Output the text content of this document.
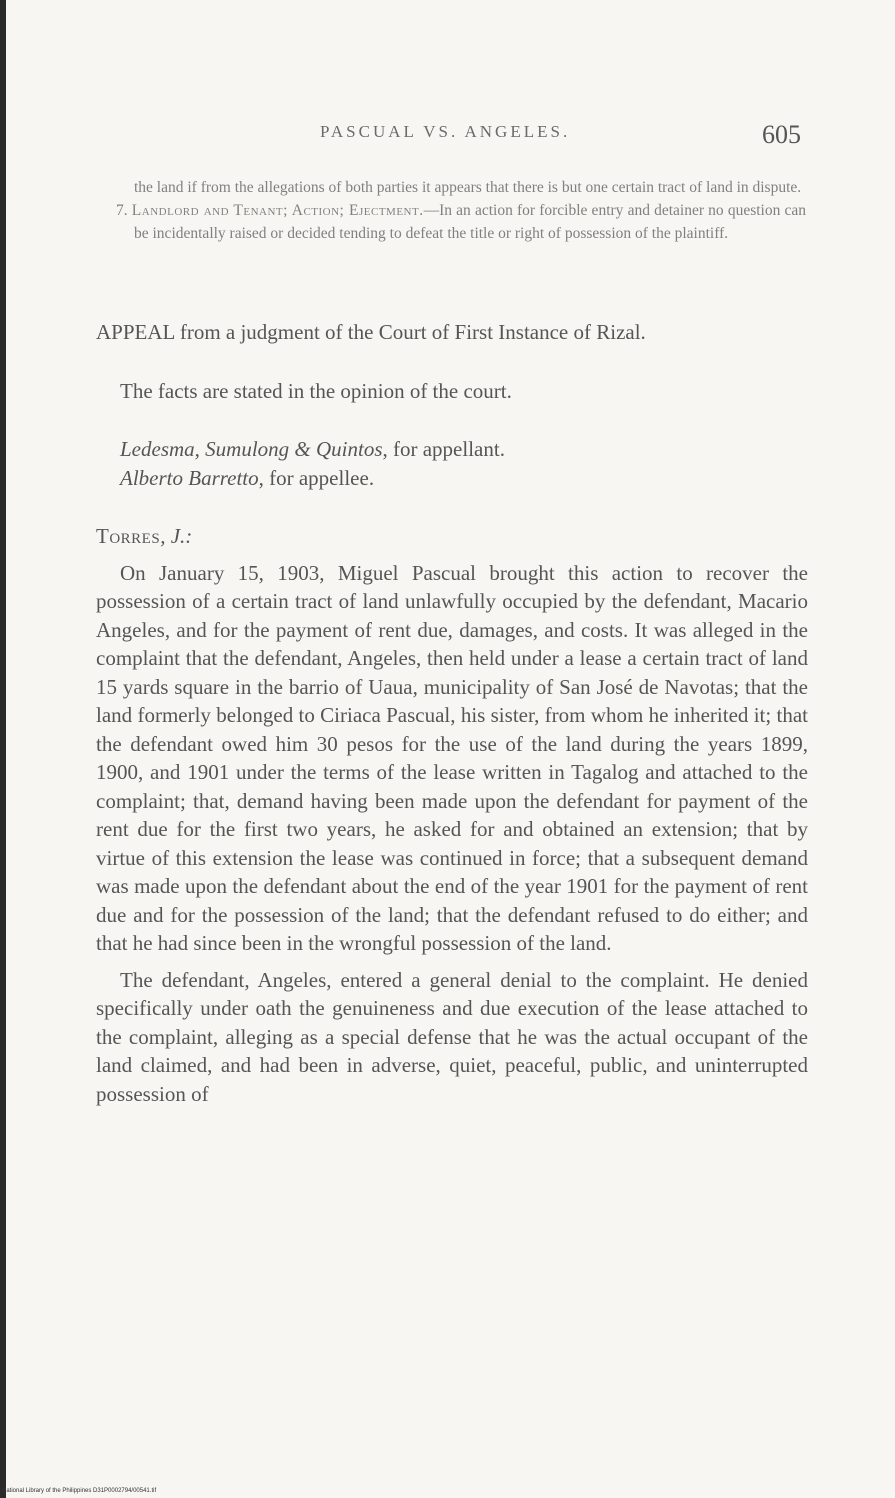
PASCUAL VS. ANGELES.	605

the land if from the allegations of both parties it appears that there is but one certain tract of land in dispute.

7. Landlord and Tenant; Action; Ejectment.—In an action for forcible entry and detainer no question can be incidentally raised or decided tending to defeat the title or right of possession of the plaintiff.

APPEAL from a judgment of the Court of First Instance of Rizal.

The facts are stated in the opinion of the court.

Ledesma, Sumulong & Quintos, for appellant.
Alberto Barretto, for appellee.

Torres, J.:

On January 15, 1903, Miguel Pascual brought this action to recover the possession of a certain tract of land unlawfully occupied by the defendant, Macario Angeles, and for the payment of rent due, damages, and costs. It was alleged in the complaint that the defendant, Angeles, then held under a lease a certain tract of land 15 yards square in the barrio of Uaua, municipality of San José de Navotas; that the land formerly belonged to Ciriaca Pascual, his sister, from whom he inherited it; that the defendant owed him 30 pesos for the use of the land during the years 1899, 1900, and 1901 under the terms of the lease written in Tagalog and attached to the complaint; that, demand having been made upon the defendant for payment of the rent due for the first two years, he asked for and obtained an extension; that by virtue of this extension the lease was continued in force; that a subsequent demand was made upon the defendant about the end of the year 1901 for the payment of rent due and for the possession of the land; that the defendant refused to do either; and that he had since been in the wrongful possession of the land.

The defendant, Angeles, entered a general denial to the complaint. He denied specifically under oath the genuineness and due execution of the lease attached to the complaint, alleging as a special defense that he was the actual occupant of the land claimed, and had been in adverse, quiet, peaceful, public, and uninterrupted possession of

National Library of the Philippines D31P0002794/00541.tif
